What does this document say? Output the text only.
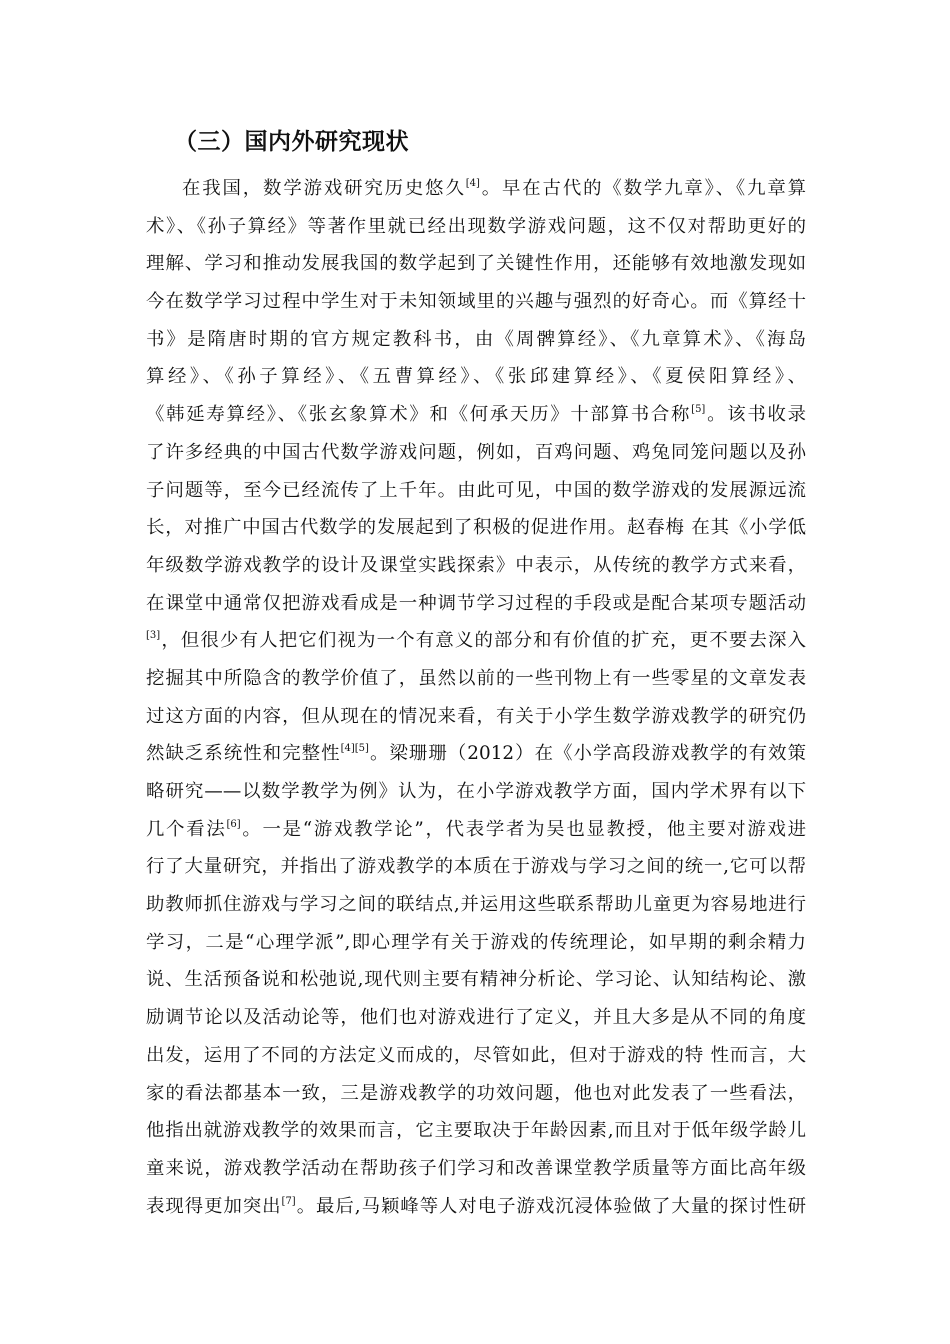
（三）国内外研究现状
在我国，数学游戏研究历史悠久[4]。早在古代的《数学九章》、《九章算
术》、《孙子算经》等著作里就已经出现数学游戏问题，这不仅对帮助更好的
理解、学习和推动发展我国的数学起到了关键性作用，还能够有效地激发现如
今在数学学习过程中学生对于未知领域里的兴趣与强烈的好奇心。而《算经十
书》是隋唐时期的官方规定教科书，由《周髀算经》、《九章算术》、《海岛
算经》、《孙子算经》、《五曹算经》、《张邱建算经》、《夏侯阳算经》、
《韩延寿算经》、《张玄象算术》和《何承天历》十部算书合称[5]。该书收录
了许多经典的中国古代数学游戏问题，例如，百鸡问题、鸡兔同笼问题以及孙
子问题等，至今已经流传了上千年。由此可见，中国的数学游戏的发展源远流
长，对推广中国古代数学的发展起到了积极的促进作用。赵春梅 在其《小学低
年级数学游戏教学的设计及课堂实践探索》中表示，从传统的教学方式来看，
在课堂中通常仅把游戏看成是一种调节学习过程的手段或是配合某项专题活动
[3]，但很少有人把它们视为一个有意义的部分和有价值的扩充，更不要去深入
挖掘其中所隐含的教学价值了，虽然以前的一些刊物上有一些零星的文章发表
过这方面的内容，但从现在的情况来看，有关于小学生数学游戏教学的研究仍
然缺乏系统性和完整性[4][5]。梁珊珊（2012）在《小学高段游戏教学的有效策
略研究——以数学教学为例》认为，在小学游戏教学方面，国内学术界有以下
几个看法[6]。一是“游戏教学论”，代表学者为吴也显教授，他主要对游戏进
行了大量研究，并指出了游戏教学的本质在于游戏与学习之间的统一,它可以帮
助教师抓住游戏与学习之间的联结点,并运用这些联系帮助儿童更为容易地进行
学习，二是“心理学派”,即心理学有关于游戏的传统理论，如早期的剩余精力
说、生活预备说和松弛说,现代则主要有精神分析论、学习论、认知结构论、激
励调节论以及活动论等，他们也对游戏进行了定义，并且大多是从不同的角度
出发，运用了不同的方法定义而成的，尽管如此，但对于游戏的特 性而言，大
家的看法都基本一致，三是游戏教学的功效问题，他也对此发表了一些看法，
他指出就游戏教学的效果而言，它主要取决于年龄因素,而且对于低年级学龄儿
童来说，游戏教学活动在帮助孩子们学习和改善课堂教学质量等方面比高年级
表现得更加突出[7]。最后,马颖峰等人对电子游戏沉浸体验做了大量的探讨性研
